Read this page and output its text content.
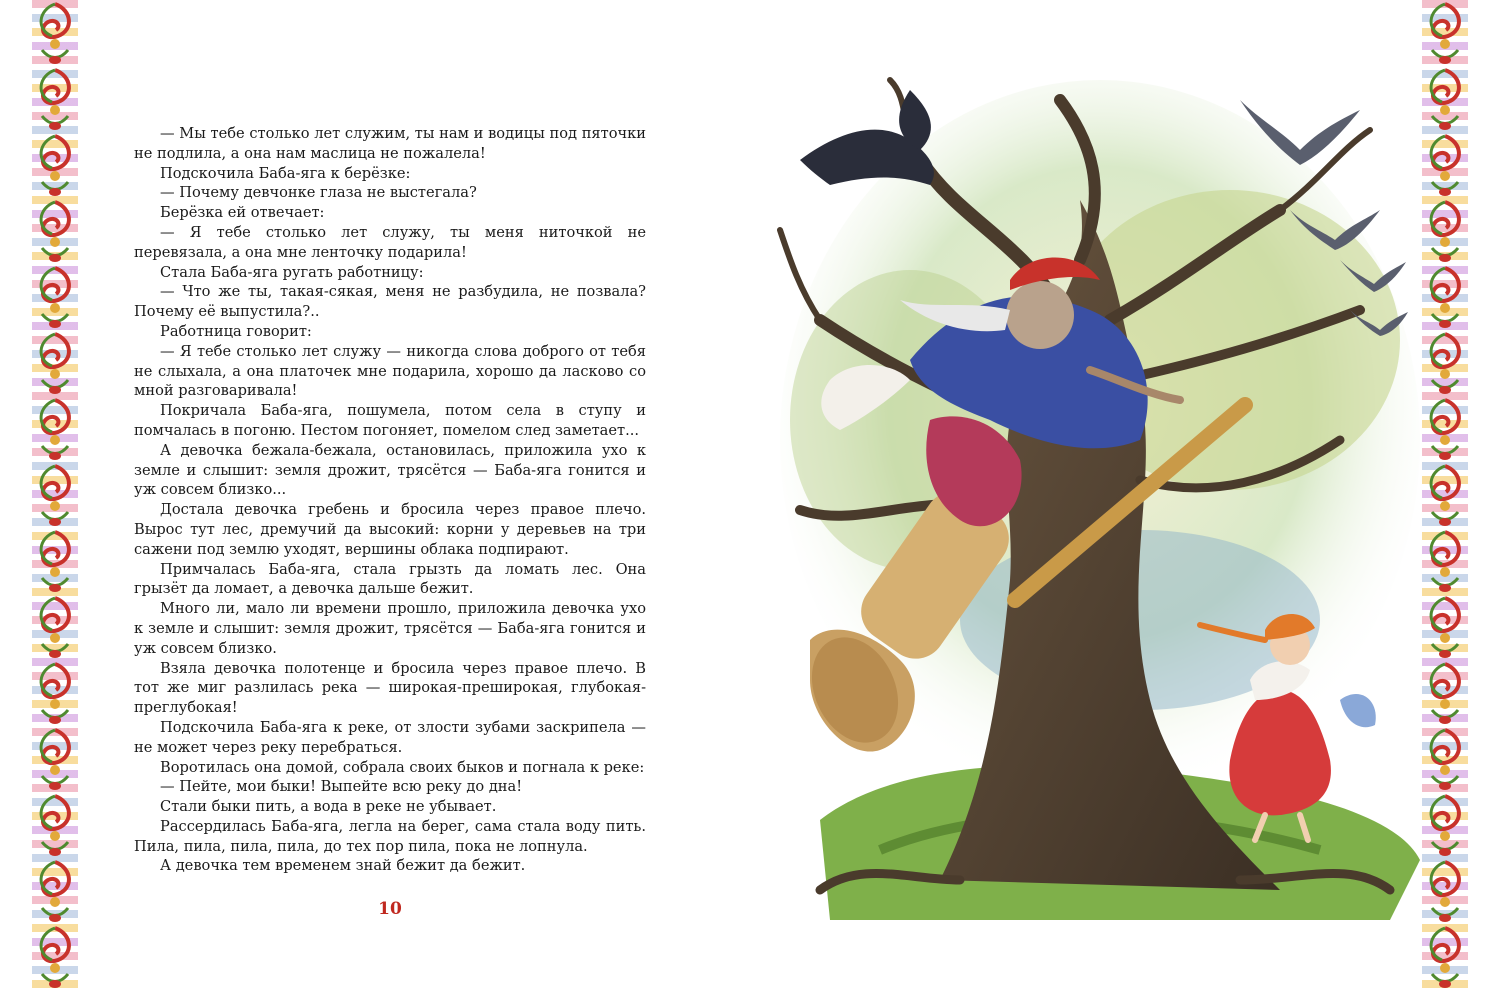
— Мы тебе столько лет служим, ты нам и водицы под пяточки не подлила, а она нам маслица не пожалела!

Подскочила Баба-яга к берёзке:

— Почему девчонке глаза не выстегала?

Берёзка ей отвечает:

— Я тебе столько лет служу, ты меня ниточкой не перевязала, а она мне ленточку подарила!

Стала Баба-яга ругать работницу:

— Что же ты, такая-сякая, меня не разбудила, не позвала? Почему её выпустила?..

Работница говорит:

— Я тебе столько лет служу — никогда слова доброго от тебя не слыхала, а она платочек мне подарила, хорошо да ласково со мной разговаривала!

Покричала Баба-яга, пошумела, потом села в ступу и помчалась в погоню. Пестом погоняет, помелом след заметает...

А девочка бежала-бежала, остановилась, приложила ухо к земле и слышит: земля дрожит, трясётся — Баба-яга гонится и уж совсем близко...

Достала девочка гребень и бросила через правое плечо. Вырос тут лес, дремучий да высокий: корни у деревьев на три сажени под землю уходят, вершины облака подпирают.

Примчалась Баба-яга, стала грызть да ломать лес. Она грызёт да ломает, а девочка дальше бежит.

Много ли, мало ли времени прошло, приложила девочка ухо к земле и слышит: земля дрожит, трясётся — Баба-яга гонится и уж совсем близко.

Взяла девочка полотенце и бросила через правое плечо. В тот же миг разлилась река — широкая-преширокая, глубокая-преглубокая!

Подскочила Баба-яга к реке, от злости зубами заскрипела — не может через реку перебраться.

Воротилась она домой, собрала своих быков и погнала к реке:

— Пейте, мои быки! Выпейте всю реку до дна!

Стали быки пить, а вода в реке не убывает.

Рассердилась Баба-яга, легла на берег, сама стала воду пить. Пила, пила, пила, пила, до тех пор пила, пока не лопнула.

А девочка тем временем знай бежит да бежит.

10
